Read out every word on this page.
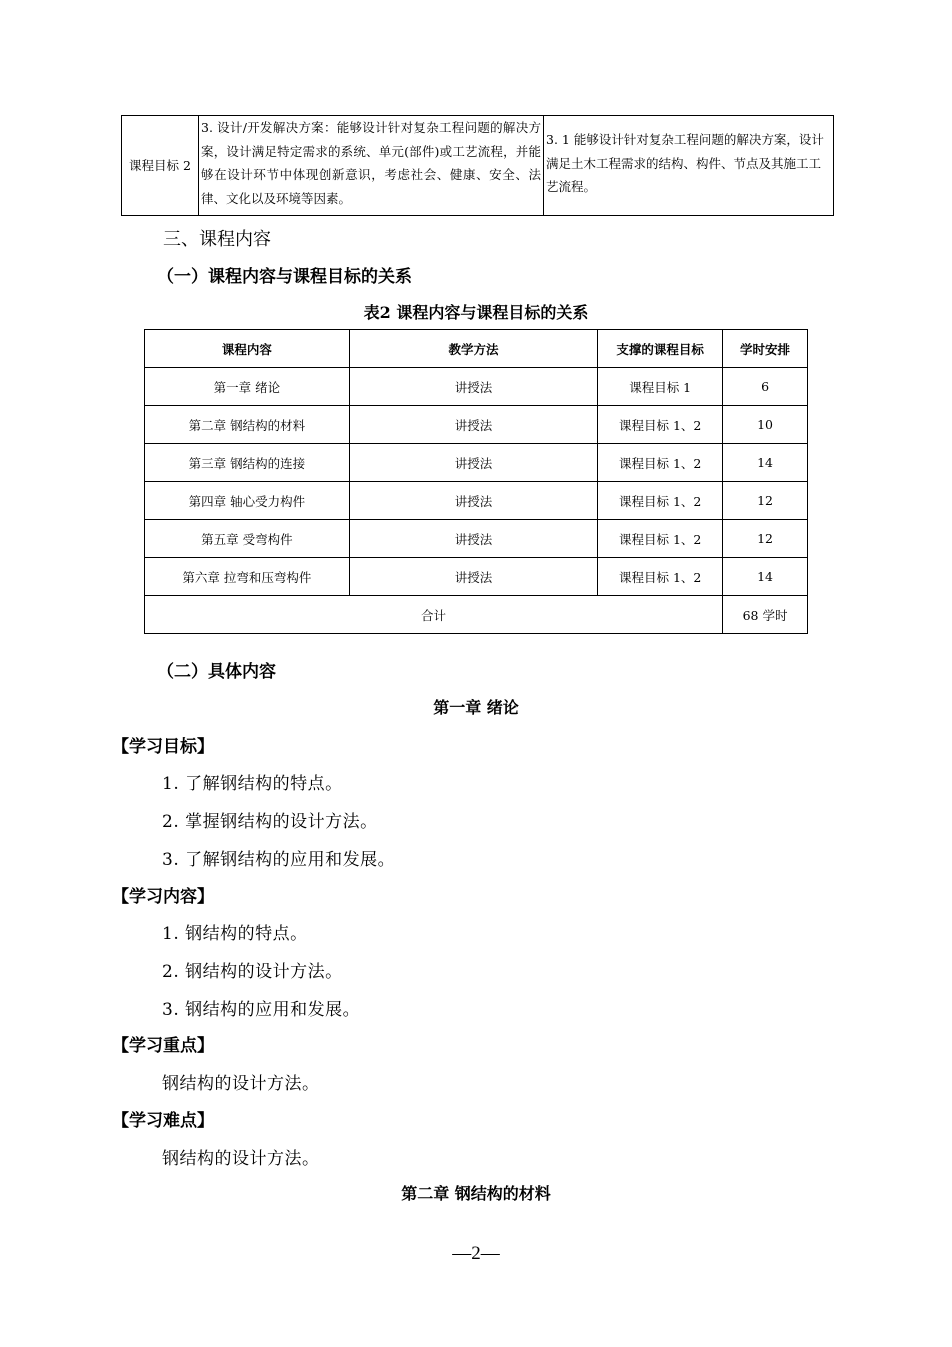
课程目标 2	3. 设计/开发解决方案：能够设计针对复杂工程问题的解决方案，设计满足特定需求的系统、单元(部件)或工艺流程，并能够在设计环节中体现创新意识，考虑社会、健康、安全、法律、文化以及环境等因素。	3. 1 能够设计针对复杂工程问题的解决方案，设计满足土木工程需求的结构、构件、节点及其施工工艺流程。
三、课程内容
（一）课程内容与课程目标的关系
表2 课程内容与课程目标的关系
课程内容	教学方法	支撑的课程目标	学时安排
第一章 绪论	讲授法	课程目标 1	6
第二章 钢结构的材料	讲授法	课程目标 1、2	10
第三章 钢结构的连接	讲授法	课程目标 1、2	14
第四章 轴心受力构件	讲授法	课程目标 1、2	12
第五章 受弯构件	讲授法	课程目标 1、2	12
第六章 拉弯和压弯构件	讲授法	课程目标 1、2	14
合计			68 学时
（二）具体内容
第一章 绪论
【学习目标】
1. 了解钢结构的特点。
2. 掌握钢结构的设计方法。
3. 了解钢结构的应用和发展。
【学习内容】
1. 钢结构的特点。
2. 钢结构的设计方法。
3. 钢结构的应用和发展。
【学习重点】
钢结构的设计方法。
【学习难点】
钢结构的设计方法。
第二章 钢结构的材料
—2—
